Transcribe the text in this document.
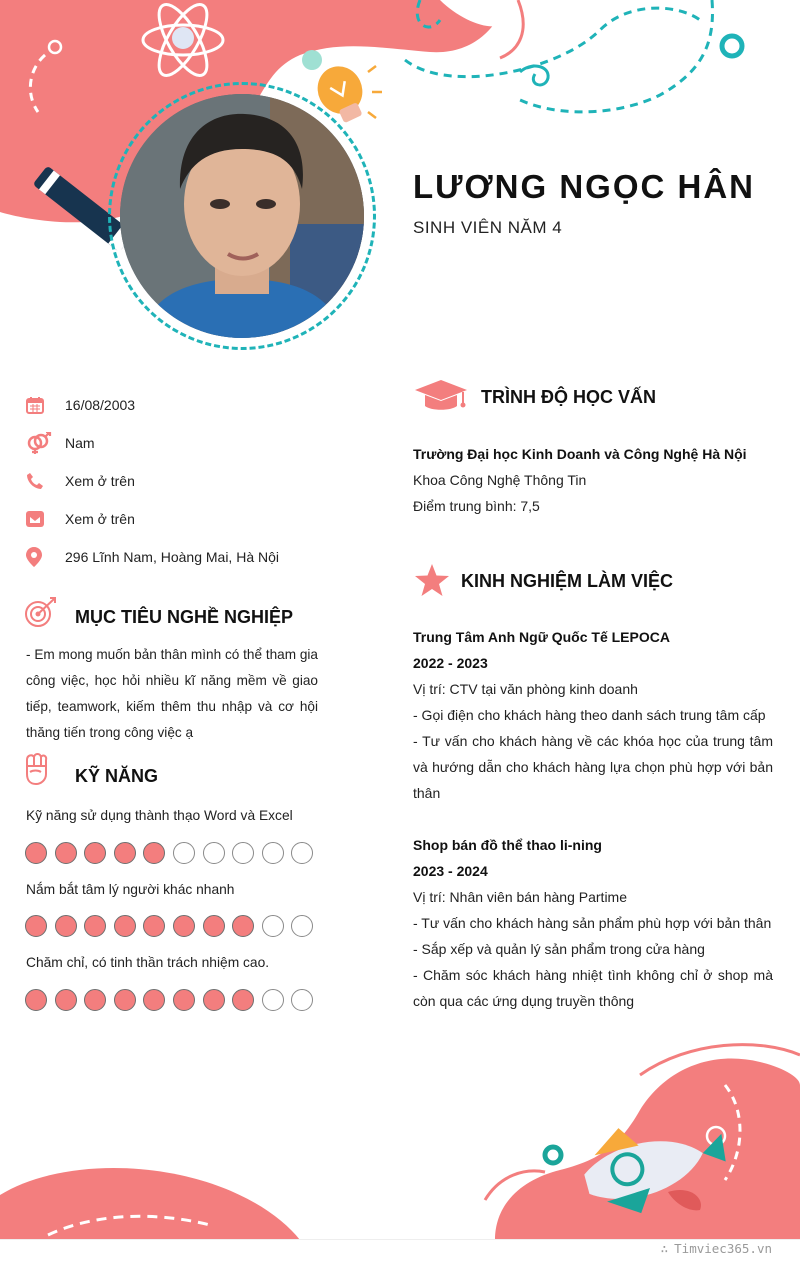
LƯƠNG NGỌC HÂN
SINH VIÊN NĂM 4
16/08/2003
Nam
Xem ở trên
Xem ở trên
296 Lĩnh Nam, Hoàng Mai, Hà Nội
MỤC TIÊU NGHỀ NGHIỆP
- Em mong muốn bản thân mình có thể tham gia công việc, học hỏi nhiều kĩ năng mềm về giao tiếp, teamwork, kiếm thêm thu nhập và cơ hội thăng tiến trong công việc ạ
KỸ NĂNG
Kỹ năng sử dụng thành thạo Word và Excel
Nắm bắt tâm lý người khác nhanh
Chăm chỉ, có tinh thần trách nhiệm cao.
TRÌNH ĐỘ HỌC VẤN
Trường Đại học Kinh Doanh và Công Nghệ Hà Nội
Khoa Công Nghệ Thông Tin
Điểm trung bình: 7,5
KINH NGHIỆM LÀM VIỆC
Trung Tâm Anh Ngữ Quốc Tế LEPOCA
2022 - 2023
Vị trí: CTV tại văn phòng kinh doanh
- Gọi điện cho khách hàng theo danh sách trung tâm cấp
- Tư vấn cho khách hàng về các khóa học của trung tâm và hướng dẫn cho khách hàng lựa chọn phù hợp với bản thân
Shop bán đồ thể thao li-ning
2023 - 2024
Vị trí: Nhân viên bán hàng Partime
- Tư vấn cho khách hàng sản phẩm phù hợp với bản thân
- Sắp xếp và quản lý sản phẩm trong cửa hàng
- Chăm sóc khách hàng nhiệt tình không chỉ ở shop mà còn qua các ứng dụng truyền thông
∴ Timviec365.vn
